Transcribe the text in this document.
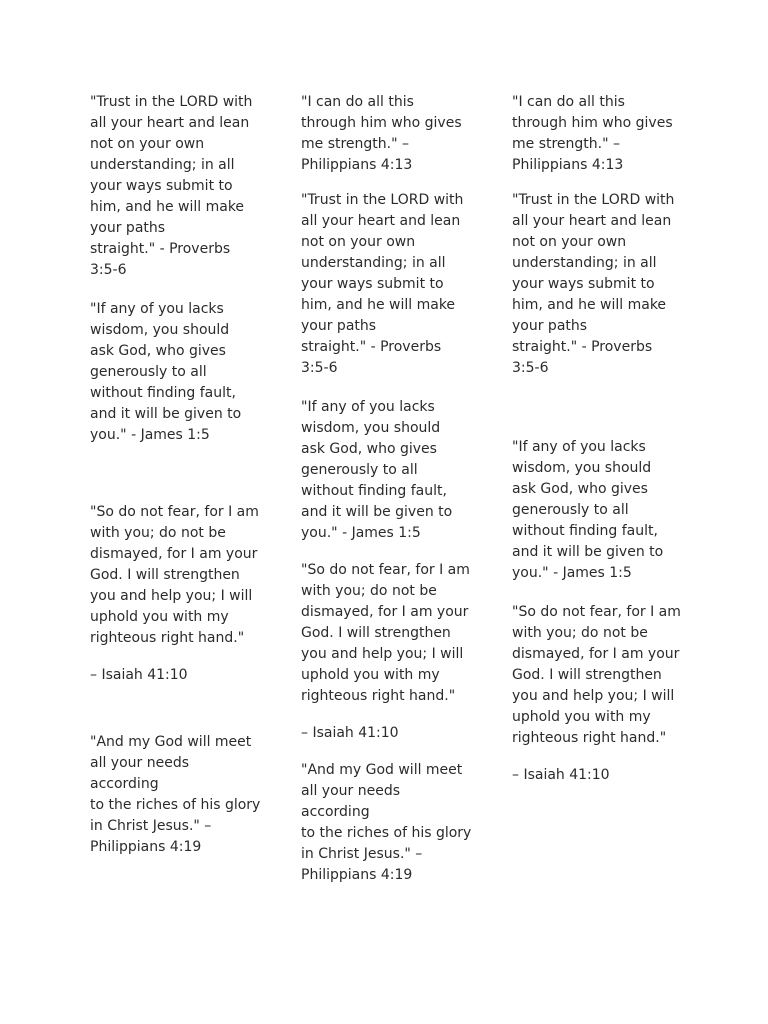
"Trust in the LORD with
all your heart and lean
not on your own
understanding; in all
your ways submit to
him, and he will make
your paths
straight." - Proverbs
3:5-6

"If any of you lacks
wisdom, you should
ask God, who gives
generously to all
without finding fault,
and it will be given to
you." - James 1:5

"So do not fear, for I am
with you; do not be
dismayed, for I am your
God. I will strengthen
you and help you; I will
uphold you with my
righteous right hand."

– Isaiah 41:10

"And my God will meet
all your needs according
to the riches of his glory
in Christ Jesus." –
Philippians 4:19

"I can do all this
through him who gives
me strength." –
Philippians 4:13

"Trust in the LORD with
all your heart and lean
not on your own
understanding; in all
your ways submit to
him, and he will make
your paths
straight." - Proverbs
3:5-6

"If any of you lacks
wisdom, you should
ask God, who gives
generously to all
without finding fault,
and it will be given to
you." - James 1:5

"So do not fear, for I am
with you; do not be
dismayed, for I am your
God. I will strengthen
you and help you; I will
uphold you with my
righteous right hand."

– Isaiah 41:10

"And my God will meet
all your needs according
to the riches of his glory
in Christ Jesus." –
Philippians 4:19

"I can do all this
through him who gives
me strength." –
Philippians 4:13

"Trust in the LORD with
all your heart and lean
not on your own
understanding; in all
your ways submit to
him, and he will make
your paths
straight." - Proverbs
3:5-6

"If any of you lacks
wisdom, you should
ask God, who gives
generously to all
without finding fault,
and it will be given to
you." - James 1:5

"So do not fear, for I am
with you; do not be
dismayed, for I am your
God. I will strengthen
you and help you; I will
uphold you with my
righteous right hand."

– Isaiah 41:10
